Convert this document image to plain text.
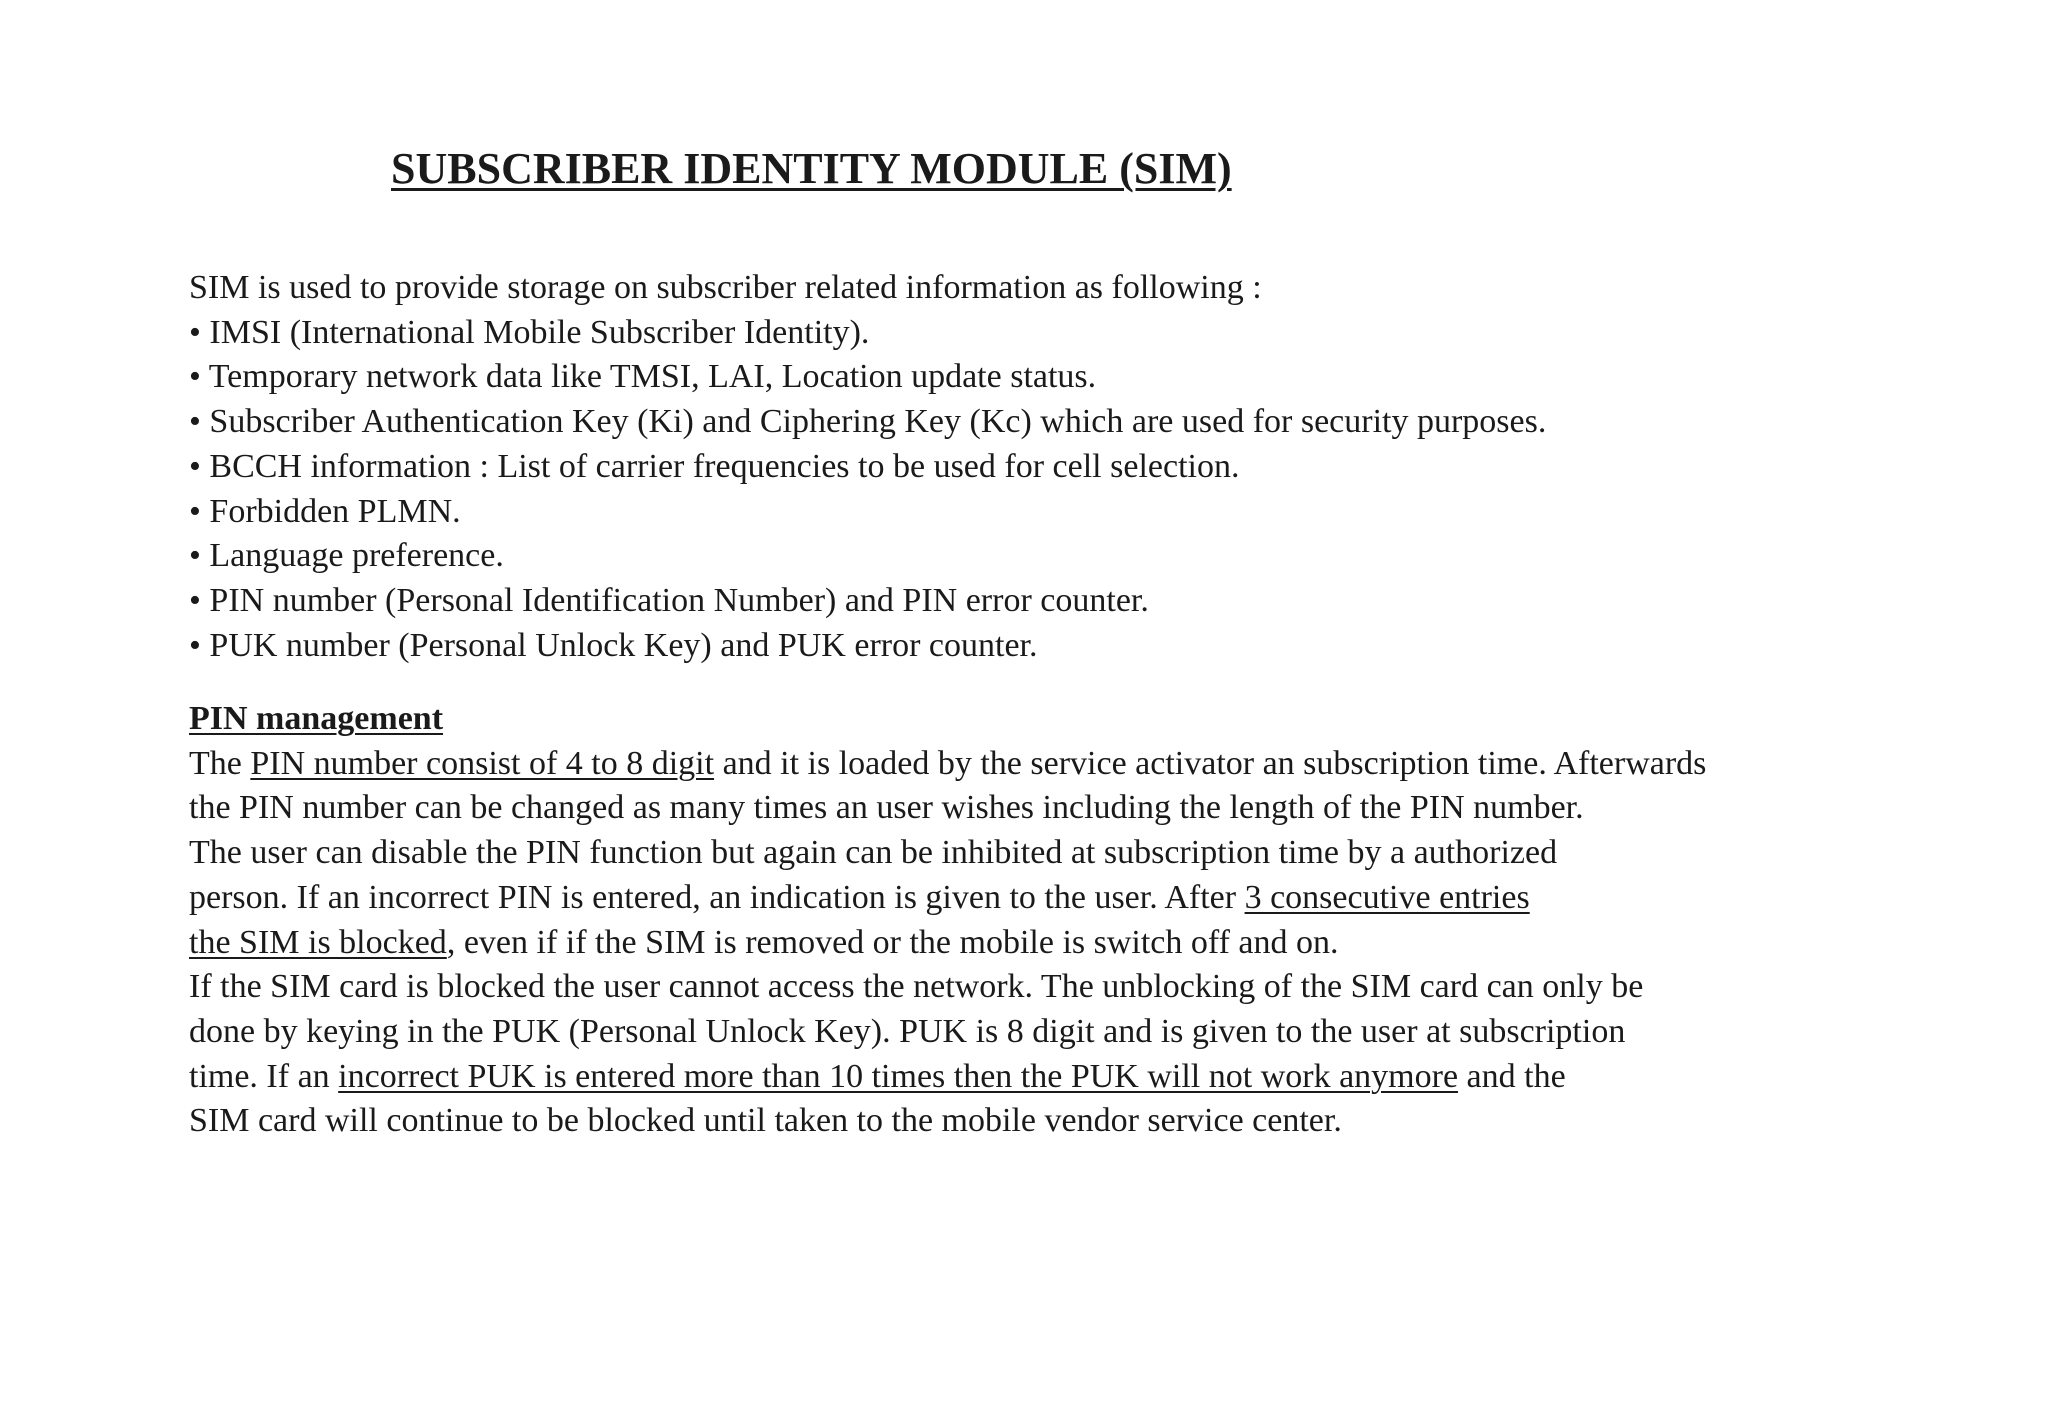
SUBSCRIBER IDENTITY MODULE (SIM)

SIM is used to provide storage on subscriber related information as following :

• IMSI (International Mobile Subscriber Identity).

• Temporary network data like TMSI, LAI, Location update status.

• Subscriber Authentication Key (Ki) and Ciphering Key (Kc) which are used for security purposes.

• BCCH information : List of carrier frequencies to be used for cell selection.

• Forbidden PLMN.

• Language preference.

• PIN number (Personal Identification Number) and PIN error counter.

• PUK number (Personal Unlock Key) and PUK error counter.

PIN management

The PIN number consist of 4 to 8 digit and it is loaded by the service activator an subscription time. Afterwards

the PIN number can be changed as many times an user wishes including the length of the PIN number.

The user can disable the PIN function but again can be inhibited at subscription time by a authorized

person. If an incorrect PIN is entered, an indication is given to the user. After 3 consecutive entries

the SIM is blocked, even if if the SIM is removed or the mobile is switch off and on.

If the SIM card is blocked the user cannot access the network. The unblocking of the SIM card can only be

done by keying in the PUK (Personal Unlock Key). PUK is 8 digit and is given to the user at subscription

time. If an incorrect PUK is entered more than 10 times then the PUK will not work anymore and the

SIM card will continue to be blocked until taken to the mobile vendor service center.
